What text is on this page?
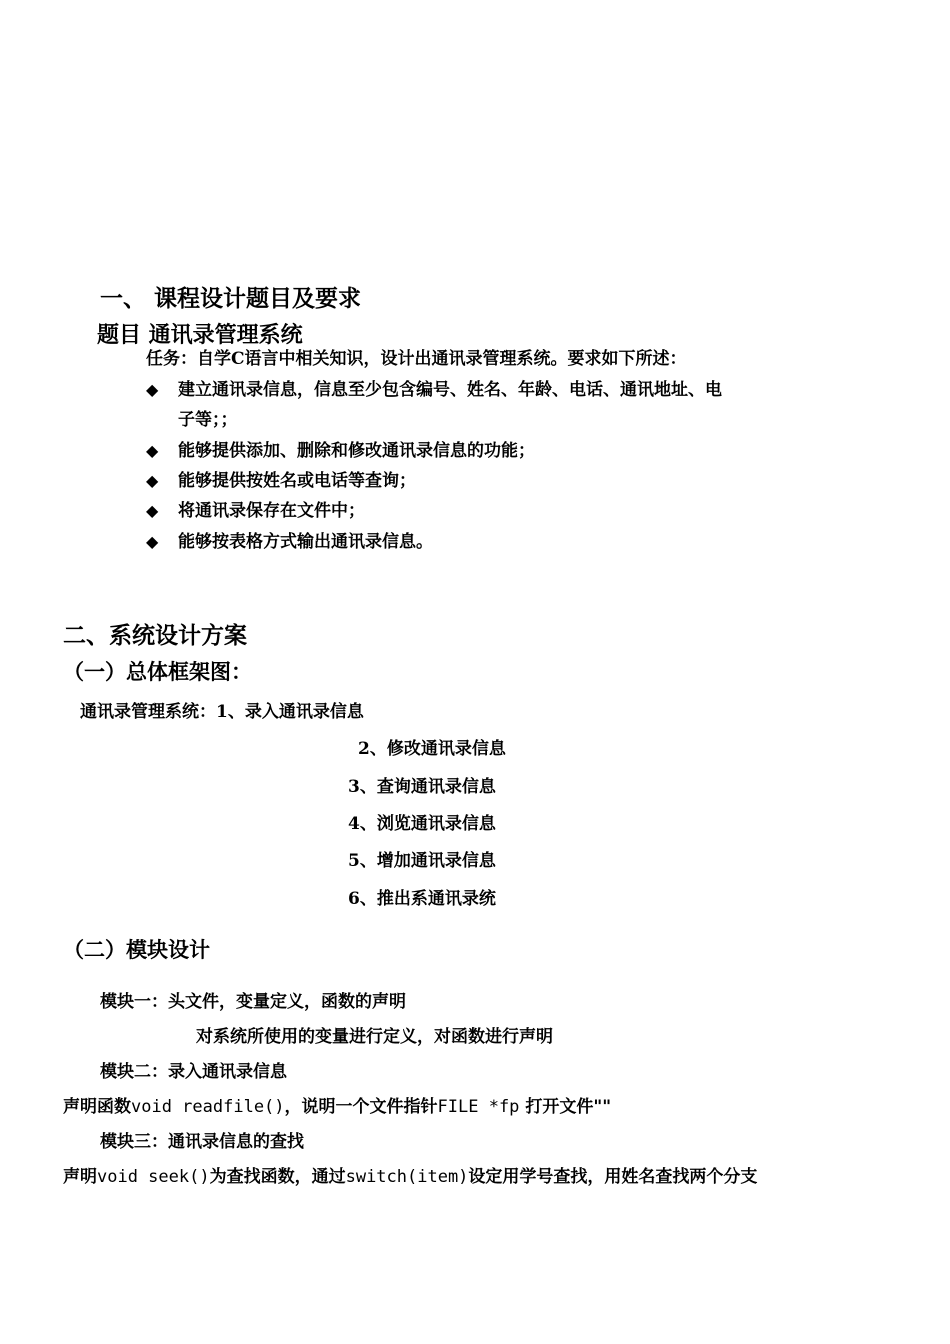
一、 课程设计题目及要求
题目 通讯录管理系统
任务：自学C语言中相关知识，设计出通讯录管理系统。要求如下所述：
◆ 建立通讯录信息，信息至少包含编号、姓名、年龄、电话、通讯地址、电
子等；；
◆ 能够提供添加、删除和修改通讯录信息的功能；
◆ 能够提供按姓名或电话等查询；
◆ 将通讯录保存在文件中；
◆ 能够按表格方式输出通讯录信息。
二、系统设计方案
（一）总体框架图：
通讯录管理系统：1、录入通讯录信息
2、修改通讯录信息
3、查询通讯录信息
4、浏览通讯录信息
5、增加通讯录信息
6、推出系通讯录统
（二）模块设计
模块一：头文件，变量定义，函数的声明
对系统所使用的变量进行定义，对函数进行声明
模块二：录入通讯录信息
声明函数void readfile()，说明一个文件指针FILE *fp 打开文件""
模块三：通讯录信息的查找
声明void seek()为查找函数，通过switch(item)设定用学号查找，用姓名查找两个分支
